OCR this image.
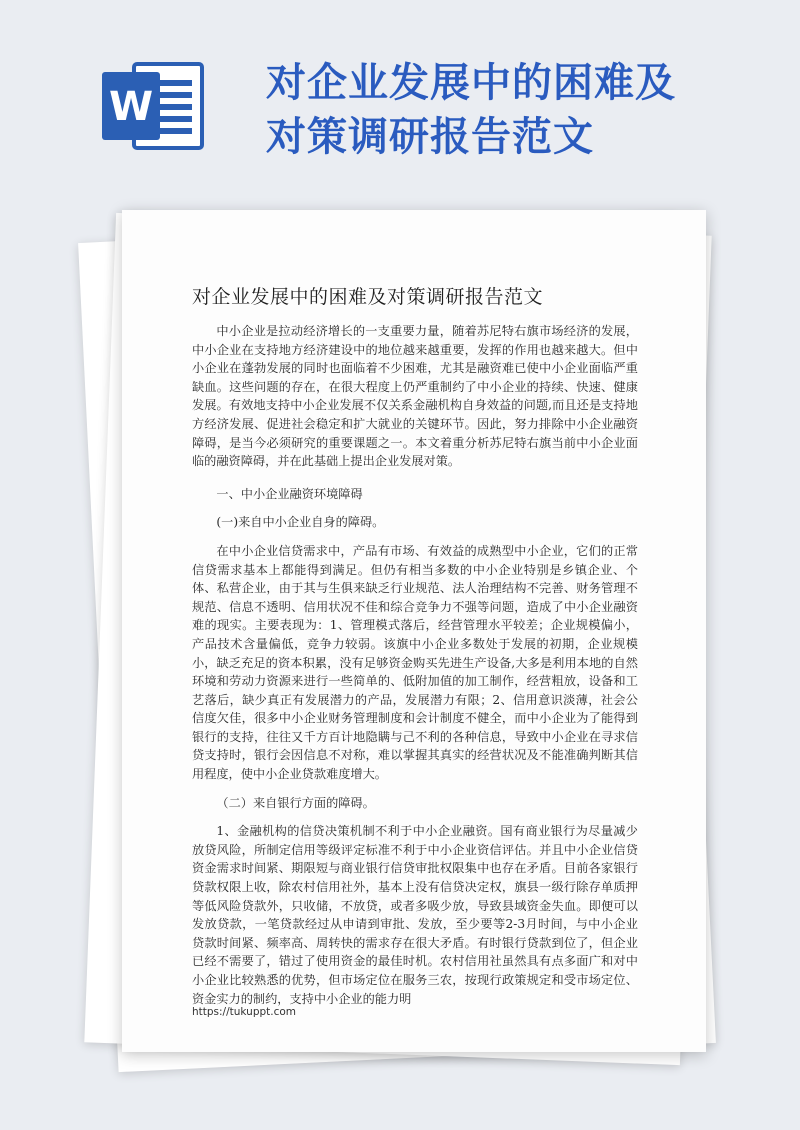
W
对企业发展中的困难及
对策调研报告范文
对企业发展中的困难及对策调研报告范文

中小企业是拉动经济增长的一支重要力量，随着苏尼特右旗市场经济的发展，中小企业在支持地方经济建设中的地位越来越重要，发挥的作用也越来越大。但中小企业在蓬勃发展的同时也面临着不少困难，尤其是融资难已使中小企业面临严重缺血。这些问题的存在，在很大程度上仍严重制约了中小企业的持续、快速、健康发展。有效地支持中小企业发展不仅关系金融机构自身效益的问题,而且还是支持地方经济发展、促进社会稳定和扩大就业的关键环节。因此，努力排除中小企业融资障碍，是当今必须研究的重要课题之一。本文着重分析苏尼特右旗当前中小企业面临的融资障碍，并在此基础上提出企业发展对策。

一、中小企业融资环境障碍

(一)来自中小企业自身的障碍。

在中小企业信贷需求中，产品有市场、有效益的成熟型中小企业，它们的正常信贷需求基本上都能得到满足。但仍有相当多数的中小企业特别是乡镇企业、个体、私营企业，由于其与生俱来缺乏行业规范、法人治理结构不完善、财务管理不规范、信息不透明、信用状况不佳和综合竞争力不强等问题，造成了中小企业融资难的现实。主要表现为：1、管理模式落后，经营管理水平较差；企业规模偏小，产品技术含量偏低，竞争力较弱。该旗中小企业多数处于发展的初期，企业规模小，缺乏充足的资本积累，没有足够资金购买先进生产设备,大多是利用本地的自然环境和劳动力资源来进行一些简单的、低附加值的加工制作，经营粗放，设备和工艺落后，缺少真正有发展潜力的产品，发展潜力有限；2、信用意识淡薄，社会公信度欠佳，很多中小企业财务管理制度和会计制度不健全，而中小企业为了能得到银行的支持，往往又千方百计地隐瞒与己不利的各种信息，导致中小企业在寻求信贷支持时，银行会因信息不对称，难以掌握其真实的经营状况及不能准确判断其信用程度，使中小企业贷款难度增大。

（二）来自银行方面的障碍。

1、金融机构的信贷决策机制不利于中小企业融资。国有商业银行为尽量减少放贷风险，所制定信用等级评定标准不利于中小企业资信评估。并且中小企业信贷资金需求时间紧、期限短与商业银行信贷审批权限集中也存在矛盾。目前各家银行贷款权限上收，除农村信用社外，基本上没有信贷决定权，旗县一级行除存单质押等低风险贷款外，只收储，不放贷，或者多吸少放，导致县域资金失血。即便可以发放贷款，一笔贷款经过从申请到审批、发放，至少要等2-3月时间，与中小企业贷款时间紧、频率高、周转快的需求存在很大矛盾。有时银行贷款到位了，但企业已经不需要了，错过了使用资金的最佳时机。农村信用社虽然具有点多面广和对中小企业比较熟悉的优势，但市场定位在服务三农，按现行政策规定和受市场定位、资金实力的制约，支持中小企业的能力明

https://tukuppt.com
